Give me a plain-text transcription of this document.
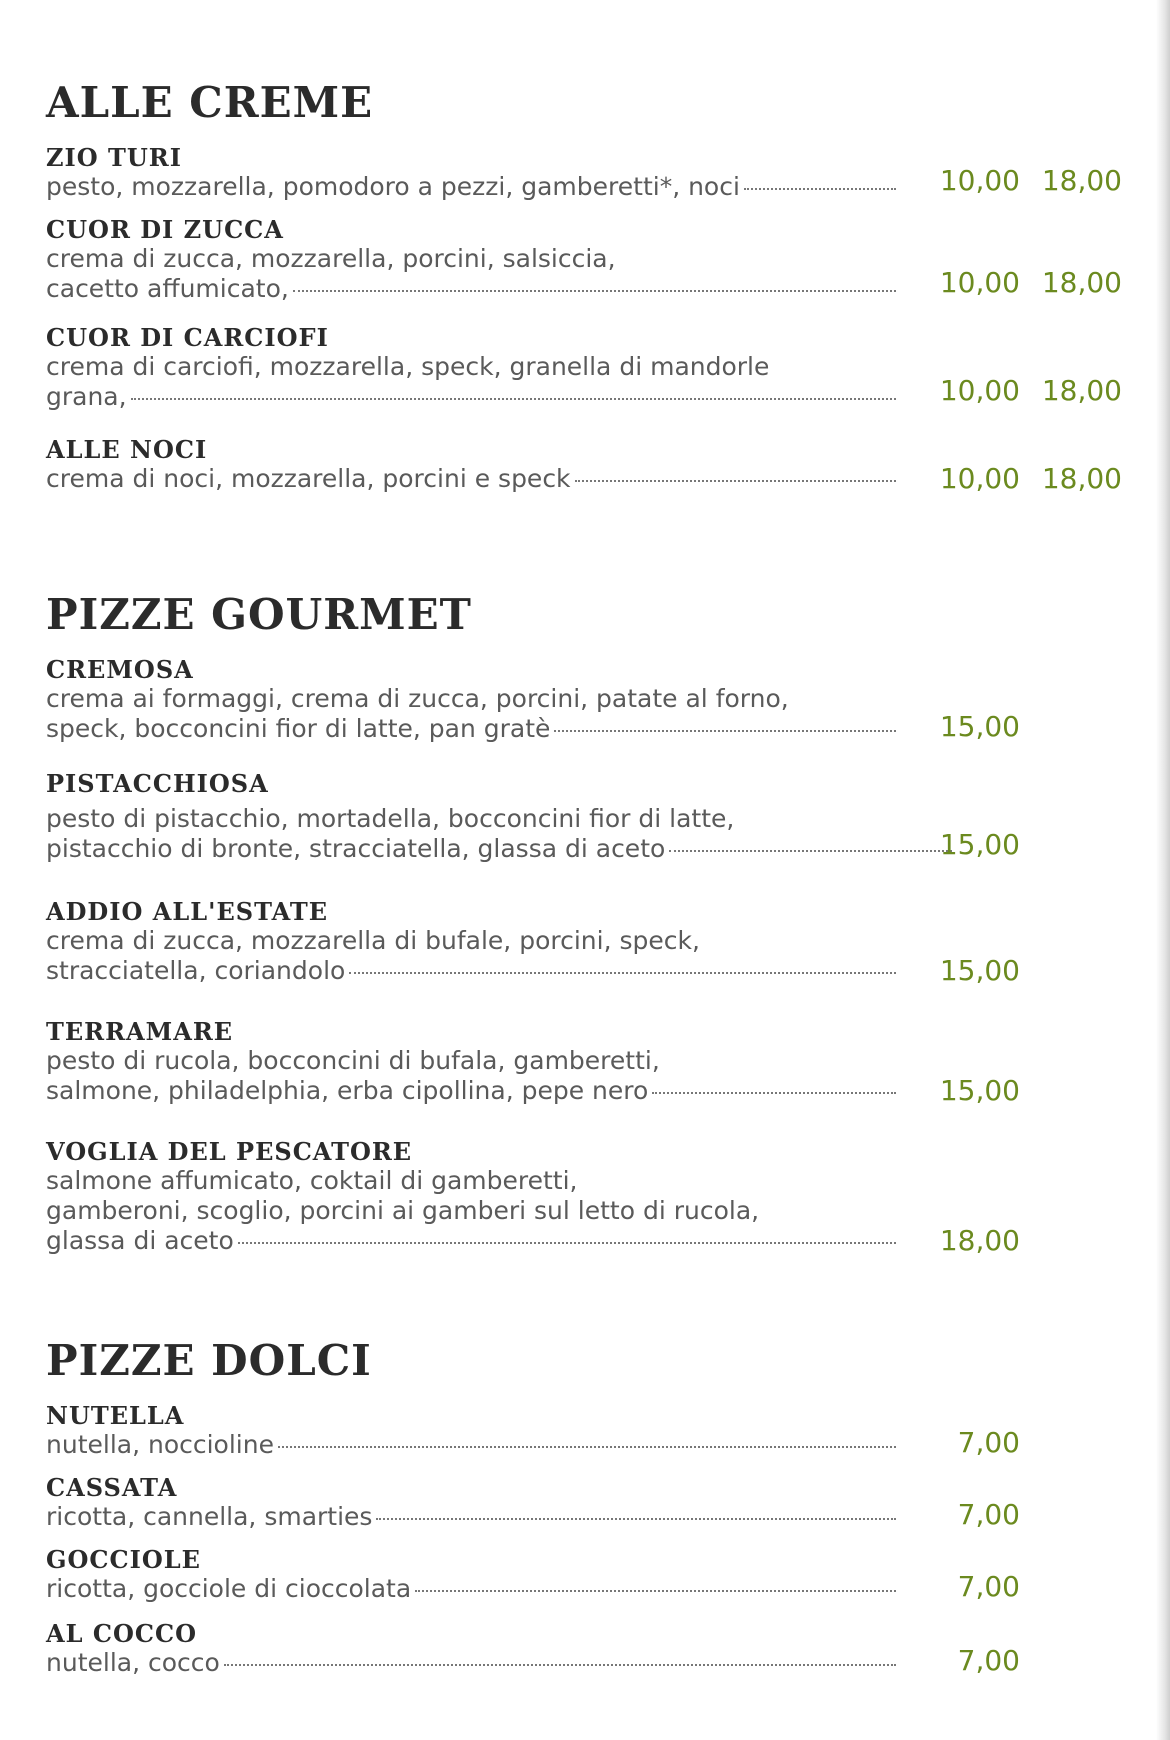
ALLE CREME
ZIO TURI
pesto, mozzarella, pomodoro a pezzi, gamberetti*, noci	10,00 18,00
CUOR DI ZUCCA
crema di zucca, mozzarella, porcini, salsiccia,
cacetto affumicato,	10,00 18,00
CUOR DI CARCIOFI
crema di carciofi, mozzarella, speck, granella di mandorle
grana,	10,00 18,00
ALLE NOCI
crema di noci, mozzarella, porcini e speck	10,00 18,00
PIZZE GOURMET
CREMOSA
crema ai formaggi, crema di zucca, porcini, patate al forno,
speck, bocconcini fior di latte, pan gratè	15,00
PISTACCHIOSA
pesto di pistacchio, mortadella, bocconcini fior di latte,
pistacchio di bronte, stracciatella, glassa di aceto	15,00
ADDIO ALL'ESTATE
crema di zucca, mozzarella di bufale, porcini, speck,
stracciatella, coriandolo	15,00
TERRAMARE
pesto di rucola, bocconcini di bufala, gamberetti,
salmone, philadelphia, erba cipollina, pepe nero	15,00
VOGLIA DEL PESCATORE
salmone affumicato, coktail di gamberetti,
gamberoni, scoglio, porcini ai gamberi sul letto di rucola,
glassa di aceto	18,00
PIZZE DOLCI
NUTELLA
nutella, noccioline	7,00
CASSATA
ricotta, cannella, smarties	7,00
GOCCIOLE
ricotta, gocciole di cioccolata	7,00
AL COCCO
nutella, cocco	7,00
